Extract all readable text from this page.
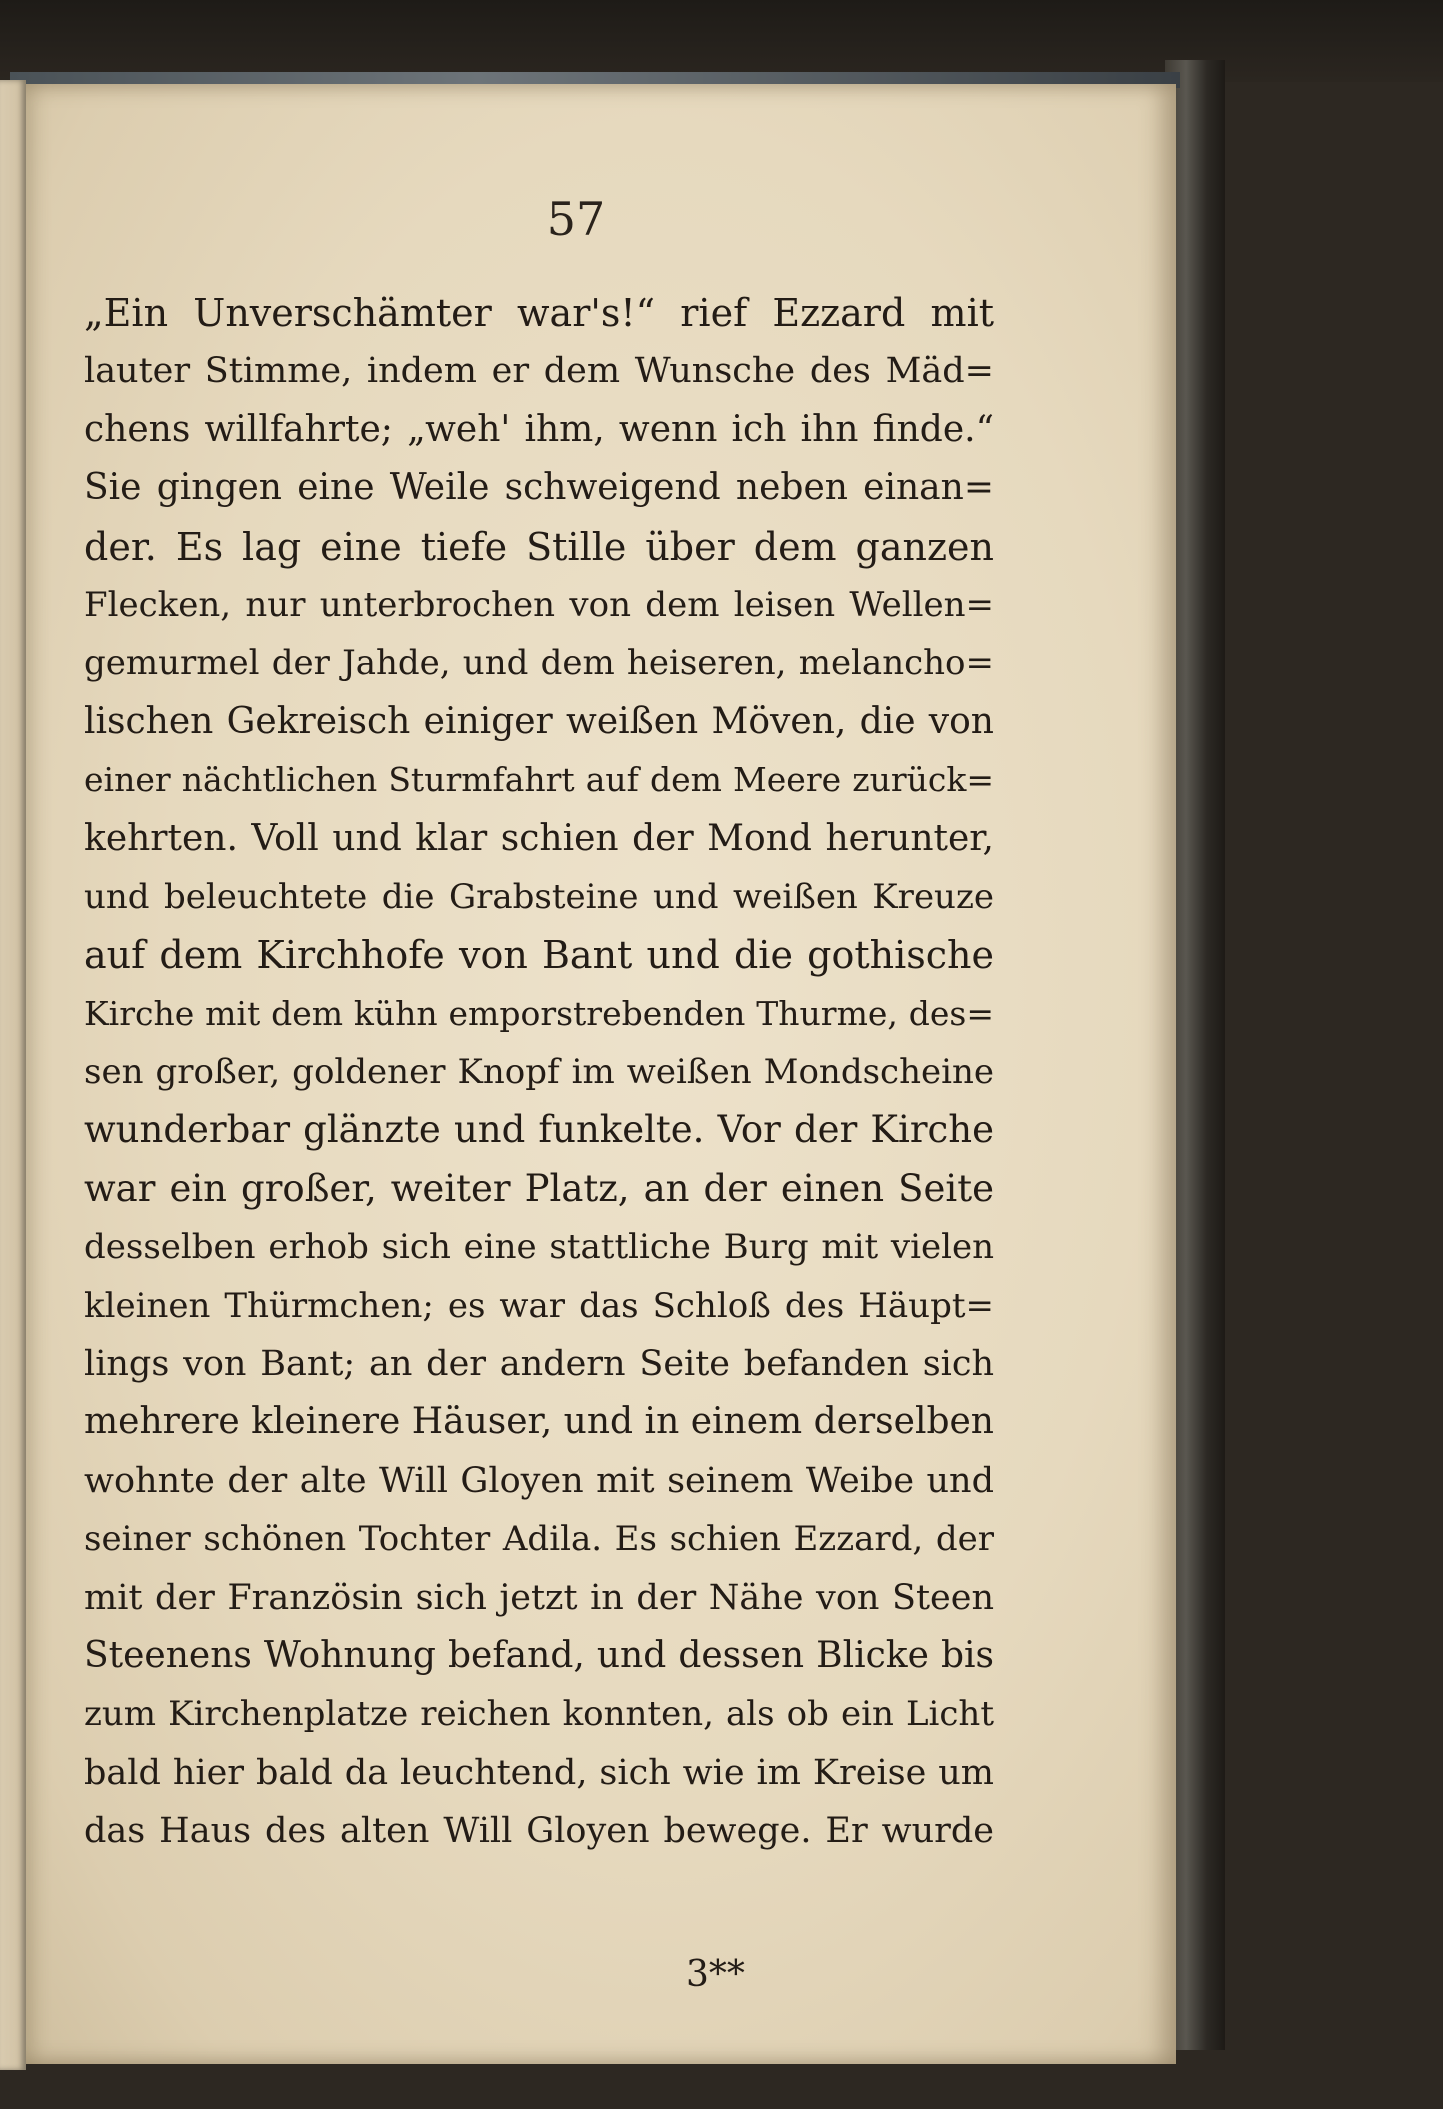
57

„Ein Unverschämter war's!“ rief Ezzard mit
lauter Stimme, indem er dem Wunsche des Mäd=
chens willfahrte; „weh' ihm, wenn ich ihn finde.“
Sie gingen eine Weile schweigend neben einan=
der. Es lag eine tiefe Stille über dem ganzen
Flecken, nur unterbrochen von dem leisen Wellen=
gemurmel der Jahde, und dem heiseren, melancho=
lischen Gekreisch einiger weißen Möven, die von
einer nächtlichen Sturmfahrt auf dem Meere zurück=
kehrten. Voll und klar schien der Mond herunter,
und beleuchtete die Grabsteine und weißen Kreuze
auf dem Kirchhofe von Bant und die gothische
Kirche mit dem kühn emporstrebenden Thurme, des=
sen großer, goldener Knopf im weißen Mondscheine
wunderbar glänzte und funkelte. Vor der Kirche
war ein großer, weiter Platz, an der einen Seite
desselben erhob sich eine stattliche Burg mit vielen
kleinen Thürmchen; es war das Schloß des Häupt=
lings von Bant; an der andern Seite befanden sich
mehrere kleinere Häuser, und in einem derselben
wohnte der alte Will Gloyen mit seinem Weibe und
seiner schönen Tochter Adila. Es schien Ezzard, der
mit der Französin sich jetzt in der Nähe von Steen
Steenens Wohnung befand, und dessen Blicke bis
zum Kirchenplatze reichen konnten, als ob ein Licht
bald hier bald da leuchtend, sich wie im Kreise um
das Haus des alten Will Gloyen bewege. Er wurde

3**
